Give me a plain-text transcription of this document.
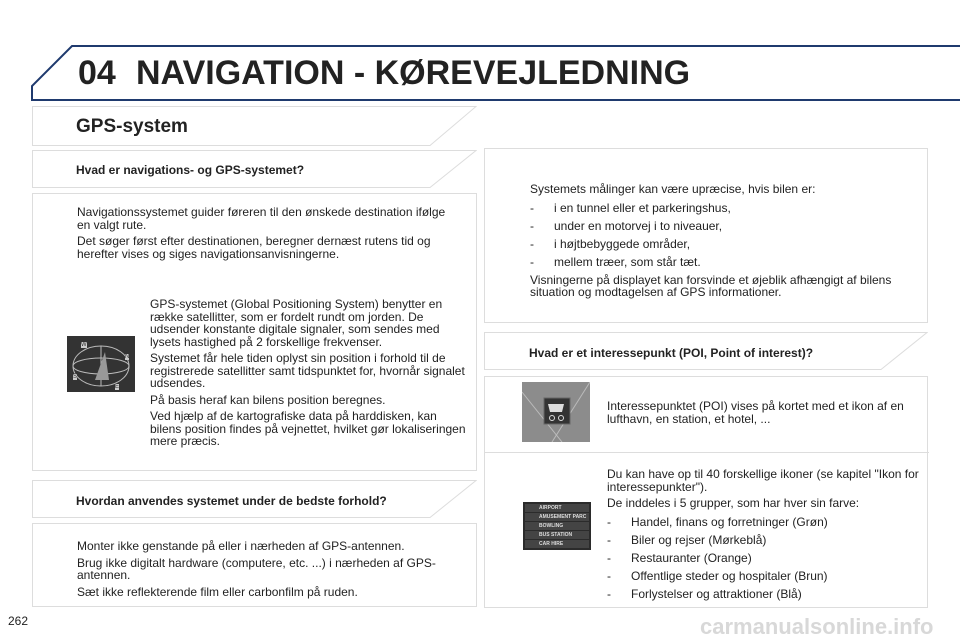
04 NAVIGATION - KØREVEJLEDNING
GPS-system
Hvad er navigations- og GPS-systemet?

Navigationssystemet guider føreren til den ønskede destination ifølge en valgt rute.

Det søger først efter destinationen, beregner dernæst rutens tid og herefter vises og siges navigationsanvisningerne.

W
N
S
E

GPS-systemet (Global Positioning System) benytter en række satellitter, som er fordelt rundt om jorden. De udsender konstante digitale signaler, som sendes med lysets hastighed på 2 forskellige frekvenser.

Systemet får hele tiden oplyst sin position i forhold til de registrerede satellitter samt tidspunktet for, hvornår signalet udsendes.

På basis heraf kan bilens position beregnes.

Ved hjælp af de kartografiske data på harddisken, kan bilens position findes på vejnettet, hvilket gør lokaliseringen mere præcis.

Hvordan anvendes systemet under de bedste forhold?

Monter ikke genstande på eller i nærheden af GPS-antennen.

Brug ikke digitalt hardware (computere, etc. ...) i nærheden af GPS-antennen.

Sæt ikke reflekterende film eller carbonfilm på ruden.

Systemets målinger kan være upræcise, hvis bilen er:

-	i en tunnel eller et parkeringshus,
-	under en motorvej i to niveauer,
-	i højtbebyggede områder,
-	mellem træer, som står tæt.

Visningerne på displayet kan forsvinde et øjeblik afhængigt af bilens situation og modtagelsen af GPS informationer.

Hvad er et interessepunkt (POI, Point of interest)?

Interessepunktet (POI) vises på kortet med et ikon af en lufthavn, en station, et hotel, ...

AIRPORT
AMUSEMENT PARC
BOWLING
BUS STATION
CAR HIRE

Du kan have op til 40 forskellige ikoner (se kapitel "Ikon for interessepunkter").

De inddeles i 5 grupper, som har hver sin farve:

-	Handel, finans og forretninger (Grøn)
-	Biler og rejser (Mørkeblå)
-	Restauranter (Orange)
-	Offentlige steder og hospitaler (Brun)
-	Forlystelser og attraktioner (Blå)
262	carmanualsonline.info
